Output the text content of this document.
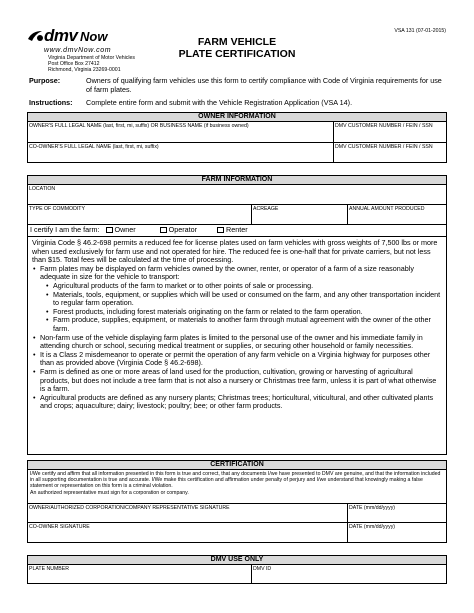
dmv Now
www.dmvNow.com
Virginia Department of Motor Vehicles
Post Office Box 27412
Richmond, Virginia 23269-0001
VSA 131 (07-01-2015)
FARM VEHICLE
PLATE CERTIFICATION
Purpose:	Owners of qualifying farm vehicles use this form to certify compliance with Code of Virginia requirements for use of farm plates.
Instructions: Complete entire form and submit with the Vehicle Registration Application (VSA 14).
OWNER INFORMATION
OWNER'S FULL LEGAL NAME (last, first, mi, suffix) OR BUSINESS NAME (if business owned)	DMV CUSTOMER NUMBER / FEIN / SSN
CO-OWNER'S FULL LEGAL NAME (last, first, mi, suffix)	DMV CUSTOMER NUMBER / FEIN / SSN
FARM INFORMATION
LOCATION
TYPE OF COMMODITY	ACREAGE	ANNUAL AMOUNT PRODUCED
I certify I am the farm: Owner	Operator	Renter
Virginia Code § 46.2-698 permits a reduced fee for license plates used on farm vehicles with gross weights of 7,500 lbs or more when used exclusively for farm use and not operated for hire. The reduced fee is one-half that for private carriers, but not less than $15. Total fees will be calculated at the time of processing.
• Farm plates may be displayed on farm vehicles owned by the owner, renter, or operator of a farm of a size reasonably adequate in size for the vehicle to transport:
• Agricultural products of the farm to market or to other points of sale or processing.
• Materials, tools, equipment, or supplies which will be used or consumed on the farm, and any other transportation incident to regular farm operation.
• Forest products, including forest materials originating on the farm or related to the farm operation.
• Farm produce, supplies, equipment, or materials to another farm through mutual agreement with the owner of the other farm.
• Non-farm use of the vehicle displaying farm plates is limited to the personal use of the owner and his immediate family in attending church or school, securing medical treatment or supplies, or securing other household or family necessities.
• It is a Class 2 misdemeanor to operate or permit the operation of any farm vehicle on a Virginia highway for purposes other than as provided above (Virginia Code § 46.2-698).
• Farm is defined as one or more areas of land used for the production, cultivation, growing or harvesting of agricultural products, but does not include a tree farm that is not also a nursery or Christmas tree farm, unless it is part of what otherwise is a farm.
• Agricultural products are defined as any nursery plants; Christmas trees; horticultural, viticultural, and other cultivated plants and crops; aquaculture; dairy; livestock; poultry; bee; or other farm products.
CERTIFICATION
I/We certify and affirm that all information presented in this form is true and correct, that any documents I/we have presented to DMV are genuine, and that the information included in all supporting documentation is true and accurate. I/We make this certification and affirmation under penalty of perjury and I/we understand that knowingly making a false statement or representation on this form is a criminal violation.
An authorized representative must sign for a corporation or company.
OWNER/AUTHORIZED CORPORATION/COMPANY REPRESENTATIVE SIGNATURE	DATE (mm/dd/yyyy)
CO-OWNER SIGNATURE	DATE (mm/dd/yyyy)
DMV USE ONLY
PLATE NUMBER	DMV ID
